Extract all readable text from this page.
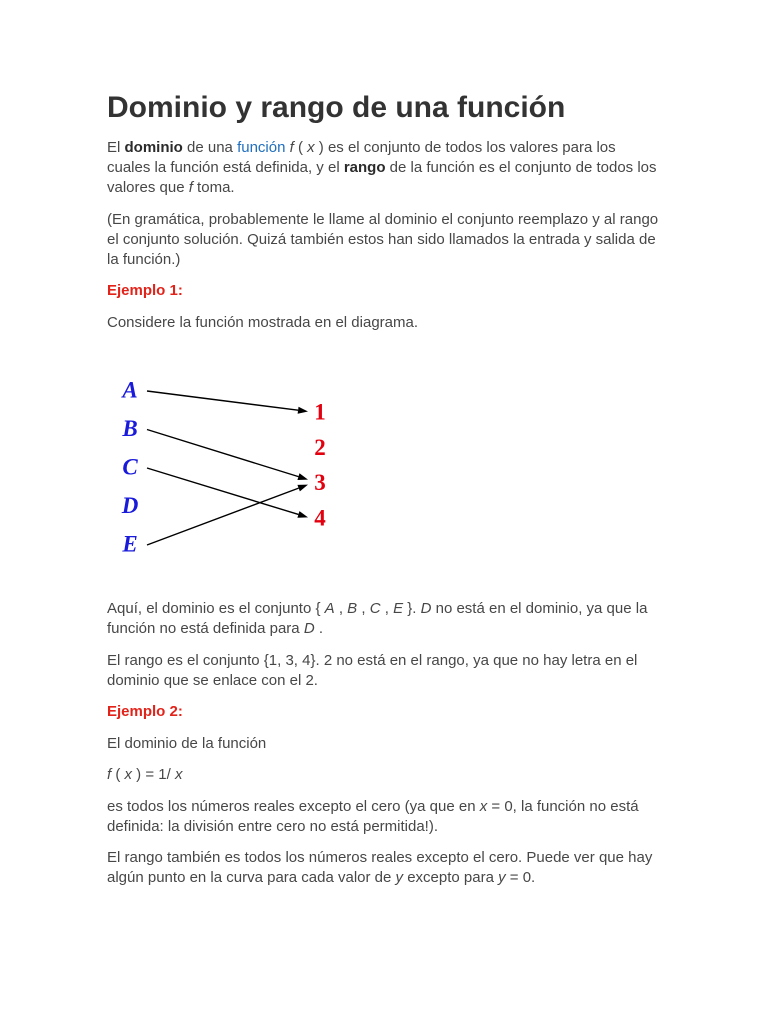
Dominio y rango de una función

El dominio de una función f ( x ) es el conjunto de todos los valores para los
cuales la función está definida, y el rango de la función es el conjunto de todos los
valores que f toma.

(En gramática, probablemente le llame al dominio el conjunto reemplazo y al rango
el conjunto solución. Quizá también estos han sido llamados la entrada y salida de
la función.)

Ejemplo 1:

Considere la función mostrada en el diagrama.

A
B
C
D
E
1
2
3
4

Aquí, el dominio es el conjunto { A , B , C , E }. D no está en el dominio, ya que la
función no está definida para D .

El rango es el conjunto {1, 3, 4}. 2 no está en el rango, ya que no hay letra en el
dominio que se enlace con el 2.

Ejemplo 2:

El dominio de la función

f ( x ) = 1/ x

es todos los números reales excepto el cero (ya que en x = 0, la función no está
definida: la división entre cero no está permitida!).

El rango también es todos los números reales excepto el cero. Puede ver que hay
algún punto en la curva para cada valor de y excepto para y = 0.
